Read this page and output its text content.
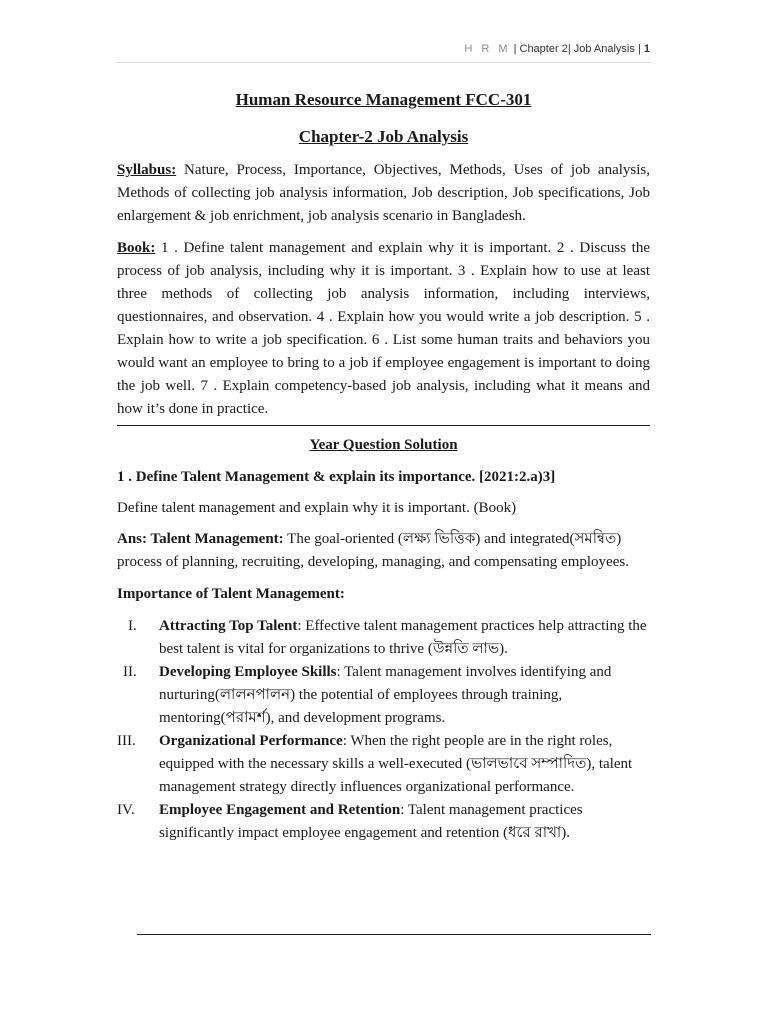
H R M | Chapter 2| Job Analysis | 1
Human Resource Management FCC-301
Chapter-2 Job Analysis

Syllabus: Nature, Process, Importance, Objectives, Methods, Uses of job analysis, Methods of collecting job analysis information, Job description, Job specifications, Job enlargement & job enrichment, job analysis scenario in Bangladesh.

Book: 1 . Define talent management and explain why it is important. 2 . Discuss the process of job analysis, including why it is important. 3 . Explain how to use at least three methods of collecting job analysis information, including interviews, questionnaires, and observation. 4 . Explain how you would write a job description. 5 . Explain how to write a job specification. 6 . List some human traits and behaviors you would want an employee to bring to a job if employee engagement is important to doing the job well. 7 . Explain competency-based job analysis, including what it means and how it’s done in practice.

Year Question Solution

1 . Define Talent Management & explain its importance. [2021:2.a)3]

Define talent management and explain why it is important. (Book)

Ans: Talent Management: The goal-oriented (লক্ষ্য ভিত্তিক) and integrated(সমন্বিত) process of planning, recruiting, developing, managing, and compensating employees.

Importance of Talent Management:

I.	Attracting Top Talent: Effective talent management practices help attracting the best talent is vital for organizations to thrive (উন্নতি লাভ).
II.	Developing Employee Skills: Talent management involves identifying and nurturing(লালনপালন) the potential of employees through training, mentoring(পরামর্শ), and development programs.
III.	Organizational Performance: When the right people are in the right roles, equipped with the necessary skills a well-executed (ভালভাবে সম্পাদিত), talent management strategy directly influences organizational performance.
IV.	Employee Engagement and Retention: Talent management practices significantly impact employee engagement and retention (ধরে রাখা).
